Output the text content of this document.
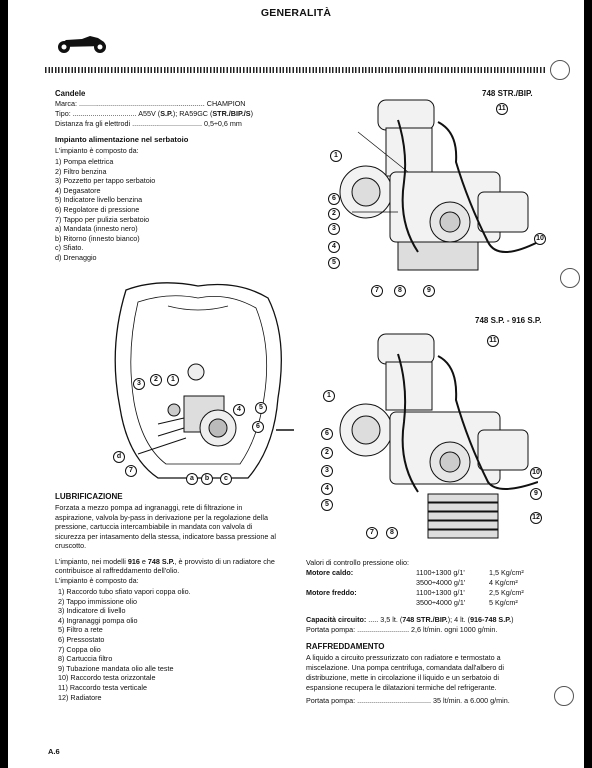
GENERALITÀ
Candele
Marca: ............................................................... CHAMPION
Tipo: ................................ A55V (S.P.); RA59GC (STR./BIP./S)
Distanza fra gli elettrodi ................................... 0,5÷0,6 mm
Impianto alimentazione nel serbatoio
L'impianto è composto da:
1) Pompa elettrica
2) Filtro benzina
3) Pozzetto per tappo serbatoio
4) Degasatore
5) Indicatore livello benzina
6) Regolatore di pressione
7) Tappo per pulizia serbatoio
a) Mandata (innesto nero)
b) Ritorno (innesto bianco)
c) Sfiato.
d) Drenaggio
3
2	1
4	5
6
d
7
a	b	c
LUBRIFICAZIONE
Forzata a mezzo pompa ad ingranaggi, rete di filtrazione in
aspirazione, valvola by-pass in derivazione per la regolazione della
pressione, cartuccia intercambiabile in mandata con valvola di
sicurezza per intasamento della stessa, indicatore bassa pressione al
cruscotto.
L'impianto, nei modelli 916 e 748 S.P., è provvisto di un radiatore che
contribuisce al raffreddamento dell'olio.
L'impianto è composto da:
1) Raccordo tubo sfiato vapori coppa olio.
2) Tappo immissione olio
3) Indicatore di livello
4) Ingranaggi pompa olio
5) Filtro a rete
6) Pressostato
7) Coppa olio
8) Cartuccia filtro
9) Tubazione mandata olio alle teste
10) Raccordo testa orizzontale
11) Raccordo testa verticale
12) Radiatore
748 STR./BIP.
11
1
6
2
3
4
5
10
7	8	9
748 S.P. - 916 S.P.
11
1
6
2
3
4
5
10
9
12
7	8
Valori di controllo pressione olio:
Motore caldo:	1100÷1300 g/1'	1,5 Kg/cm²
3500÷4000 g/1'	4 Kg/cm²
Motore freddo:	1100÷1300 g/1'	2,5 Kg/cm²
3500÷4000 g/1'	5 Kg/cm²
Capacità circuito: ..... 3,5 lt. (748 STR./BIP.); 4 lt. (916-748 S.P.)
Portata pompa: .......................... 2,6 lt/min. ogni 1000 g/min.
RAFFREDDAMENTO
A liquido a circuito pressurizzato con radiatore e termostato a
miscelazione. Una pompa centrifuga, comandata dall'albero di
distribuzione, mette in circolazione il liquido e un serbatoio di
espansione recupera le dilatazioni termiche del refrigerante.
Portata pompa: ..................................... 35 lt/min. a 6.000 g/min.
A.6
